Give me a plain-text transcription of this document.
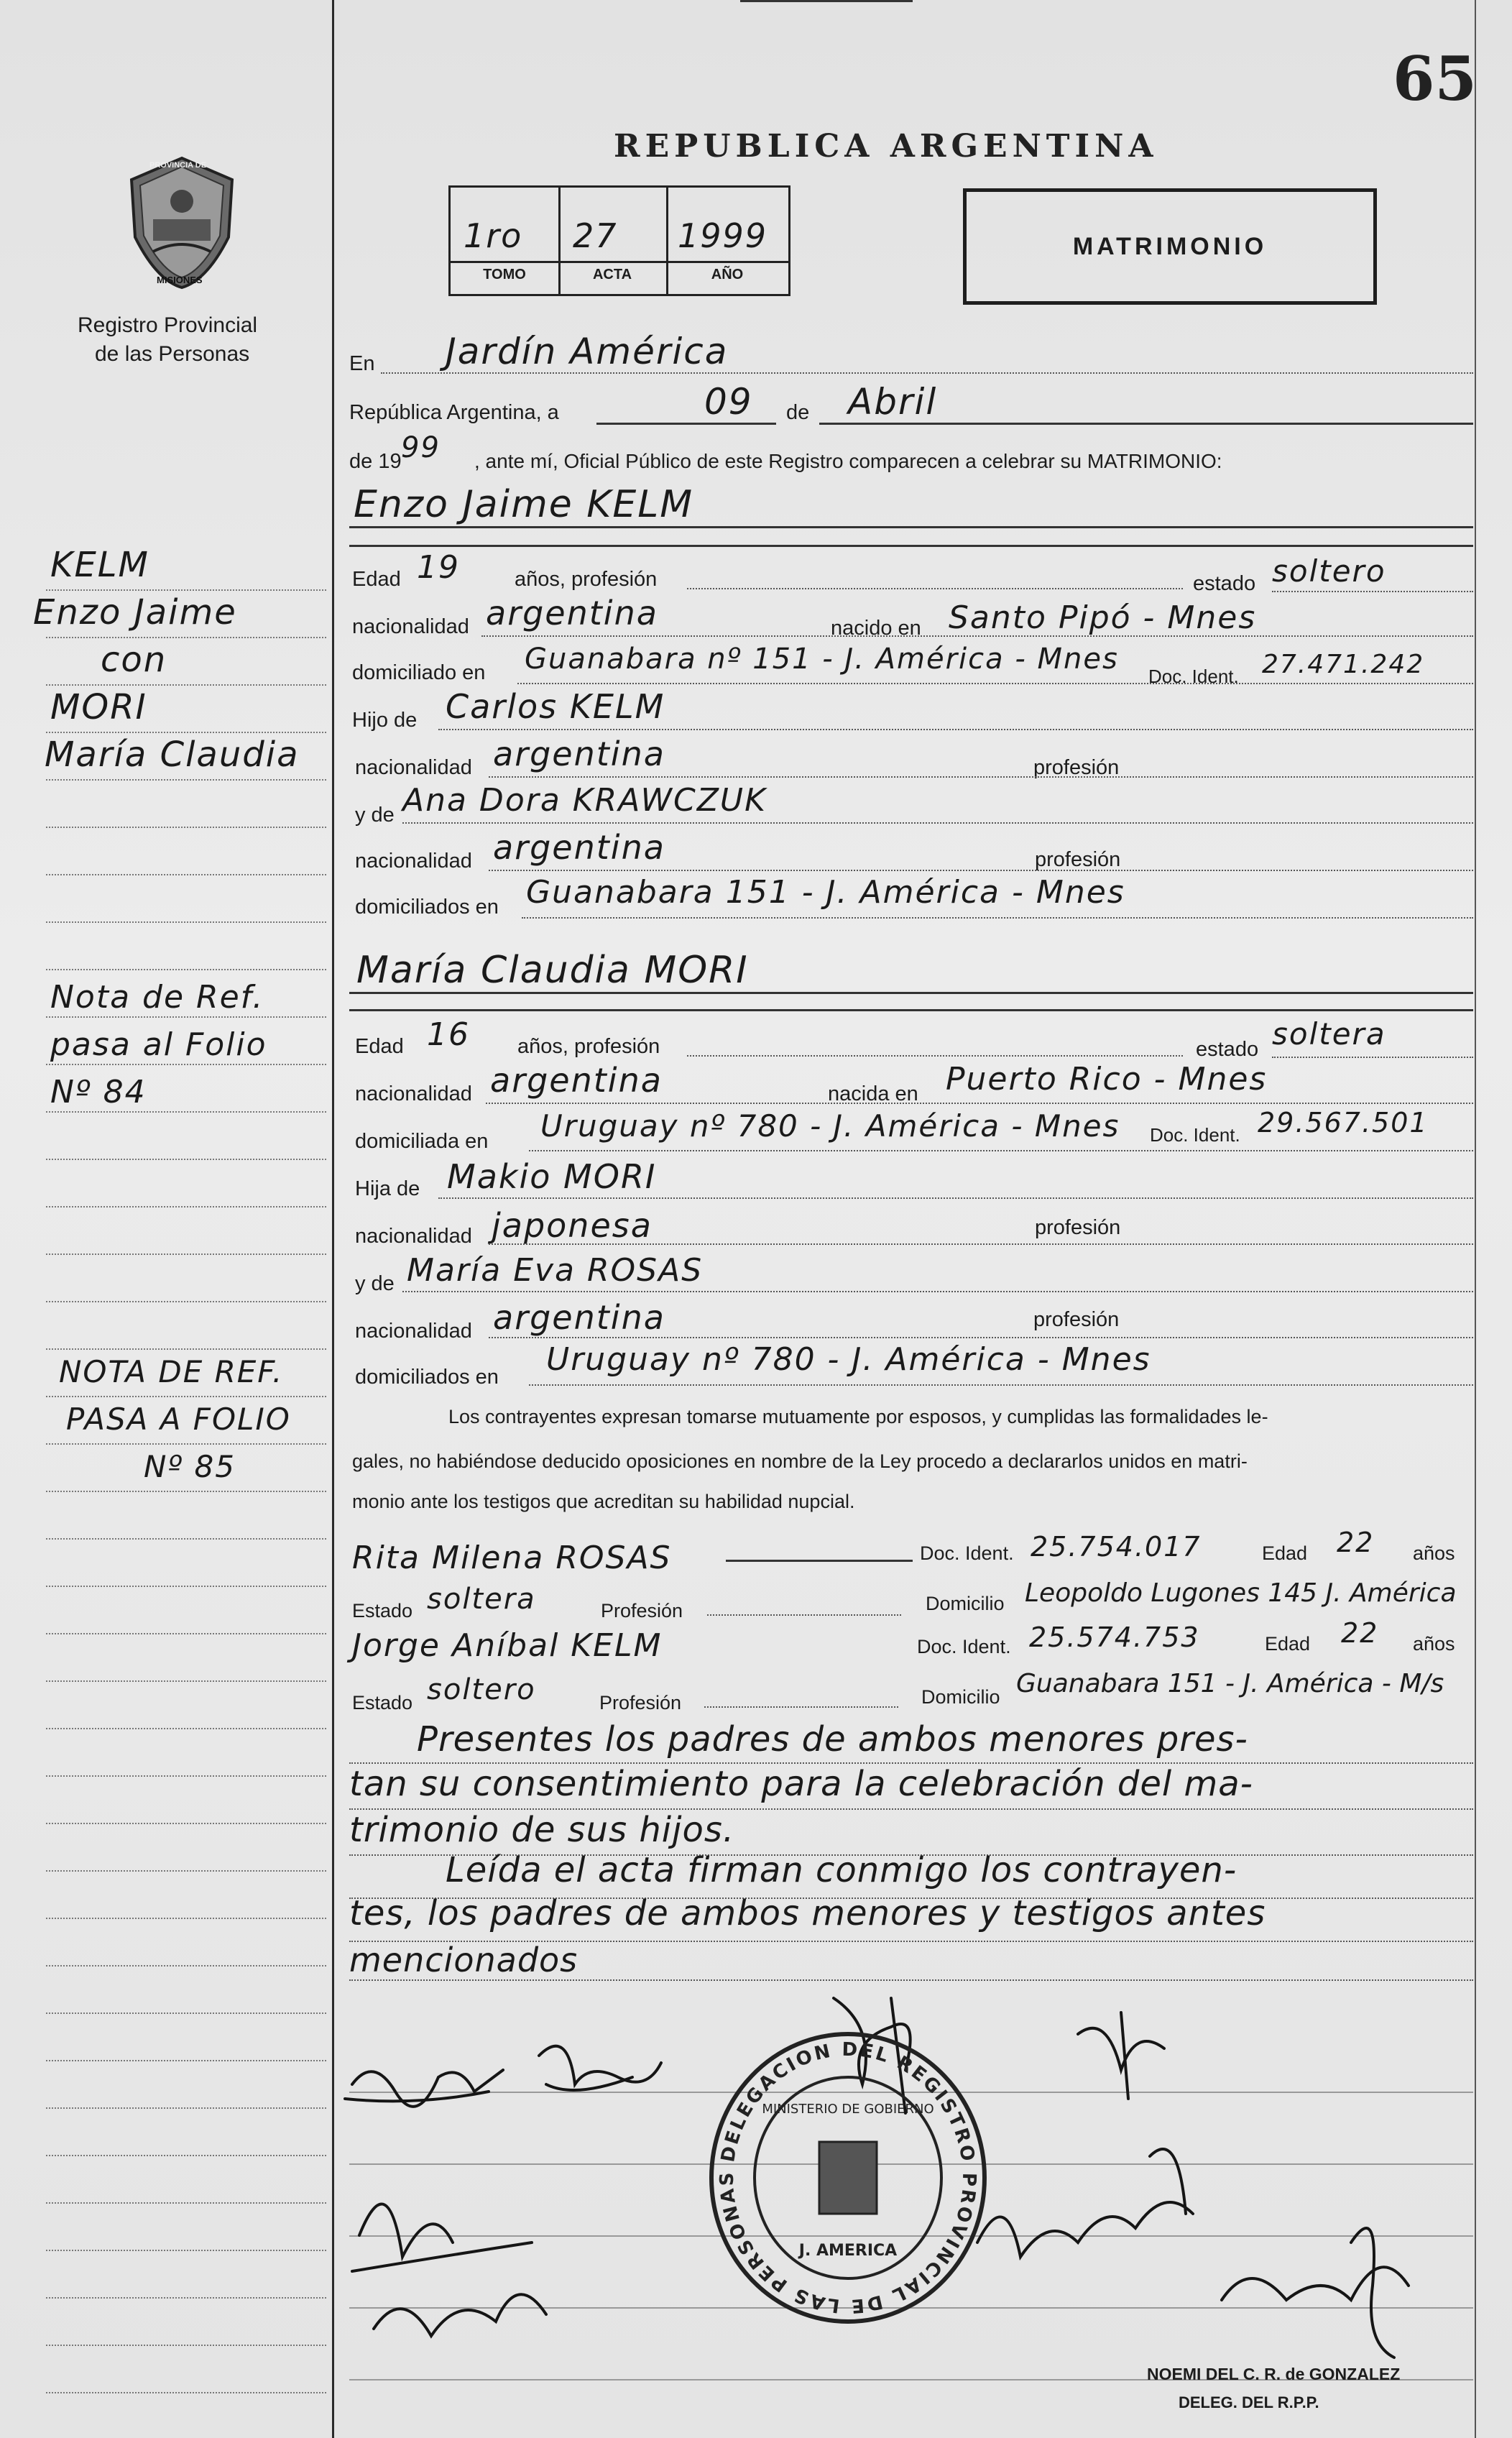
65
PROVINCIA DE
MISIONES
Registro Provincial
de las Personas
REPUBLICA ARGENTINA
1ro 27 1999
TOMO	ACTA	AÑO
MATRIMONIO
KELM
Enzo Jaime
con
MORI
María Claudia
Nota de Ref.
pasa al Folio
Nº 84
NOTA DE REF.
PASA A FOLIO
Nº 85
En Jardín América
República Argentina, a	09 de Abril
de 19 99 , ante mí, Oficial Público de este Registro comparecen a celebrar su MATRIMONIO:
Enzo Jaime KELM
Edad 19	años, profesión	estado soltero
nacionalidad argentina	nacido en Santo Pipó - Mnes
domiciliado en Guanabara nº 151 - J. América - Mnes
Doc. Ident. 27.471.242
Hijo de Carlos KELM
nacionalidad argentina	profesión
y de Ana Dora KRAWCZUK
nacionalidad argentina	profesión
domiciliados en Guanabara 151 - J. América - Mnes
María Claudia MORI
Edad 16 años, profesión	estado soltera
nacionalidad argentina	nacida en Puerto Rico - Mnes
domiciliada en Uruguay nº 780 - J. América - Mnes Doc. Ident. 29.567.501
Hija de Makio MORI
nacionalidad japonesa	profesión
y de María Eva ROSAS
nacionalidad argentina	profesión
domiciliados en Uruguay nº 780 - J. América - Mnes
Los contrayentes expresan tomarse mutuamente por esposos, y cumplidas las formalidades le-
gales, no habiéndose deducido oposiciones en nombre de la Ley procedo a declararlos unidos en matri-
monio ante los testigos que acreditan su habilidad nupcial.
Rita Milena ROSAS	Doc. Ident. 25.754.017	Edad 22 años
Estado soltera	Profesión	Domicilio Leopoldo Lugones 145 J. América
Jorge Aníbal KELM	Doc. Ident. 25.574.753	Edad 22 años
Estado soltero	Profesión	Domicilio Guanabara 151 - J. América - M/s
Presentes los padres de ambos menores pres-
tan su consentimiento para la celebración del ma-
trimonio de sus hijos.
Leída el acta firman conmigo los contrayen-
tes, los padres de ambos menores y testigos antes
mencionados
DELEGACION DEL REGISTRO PROVINCIAL DE LAS PERSONAS
MINISTERIO DE GOBIERNO
J. AMERICA
NOEMI DEL C. R. de GONZALEZ
DELEG. DEL R.P.P.
